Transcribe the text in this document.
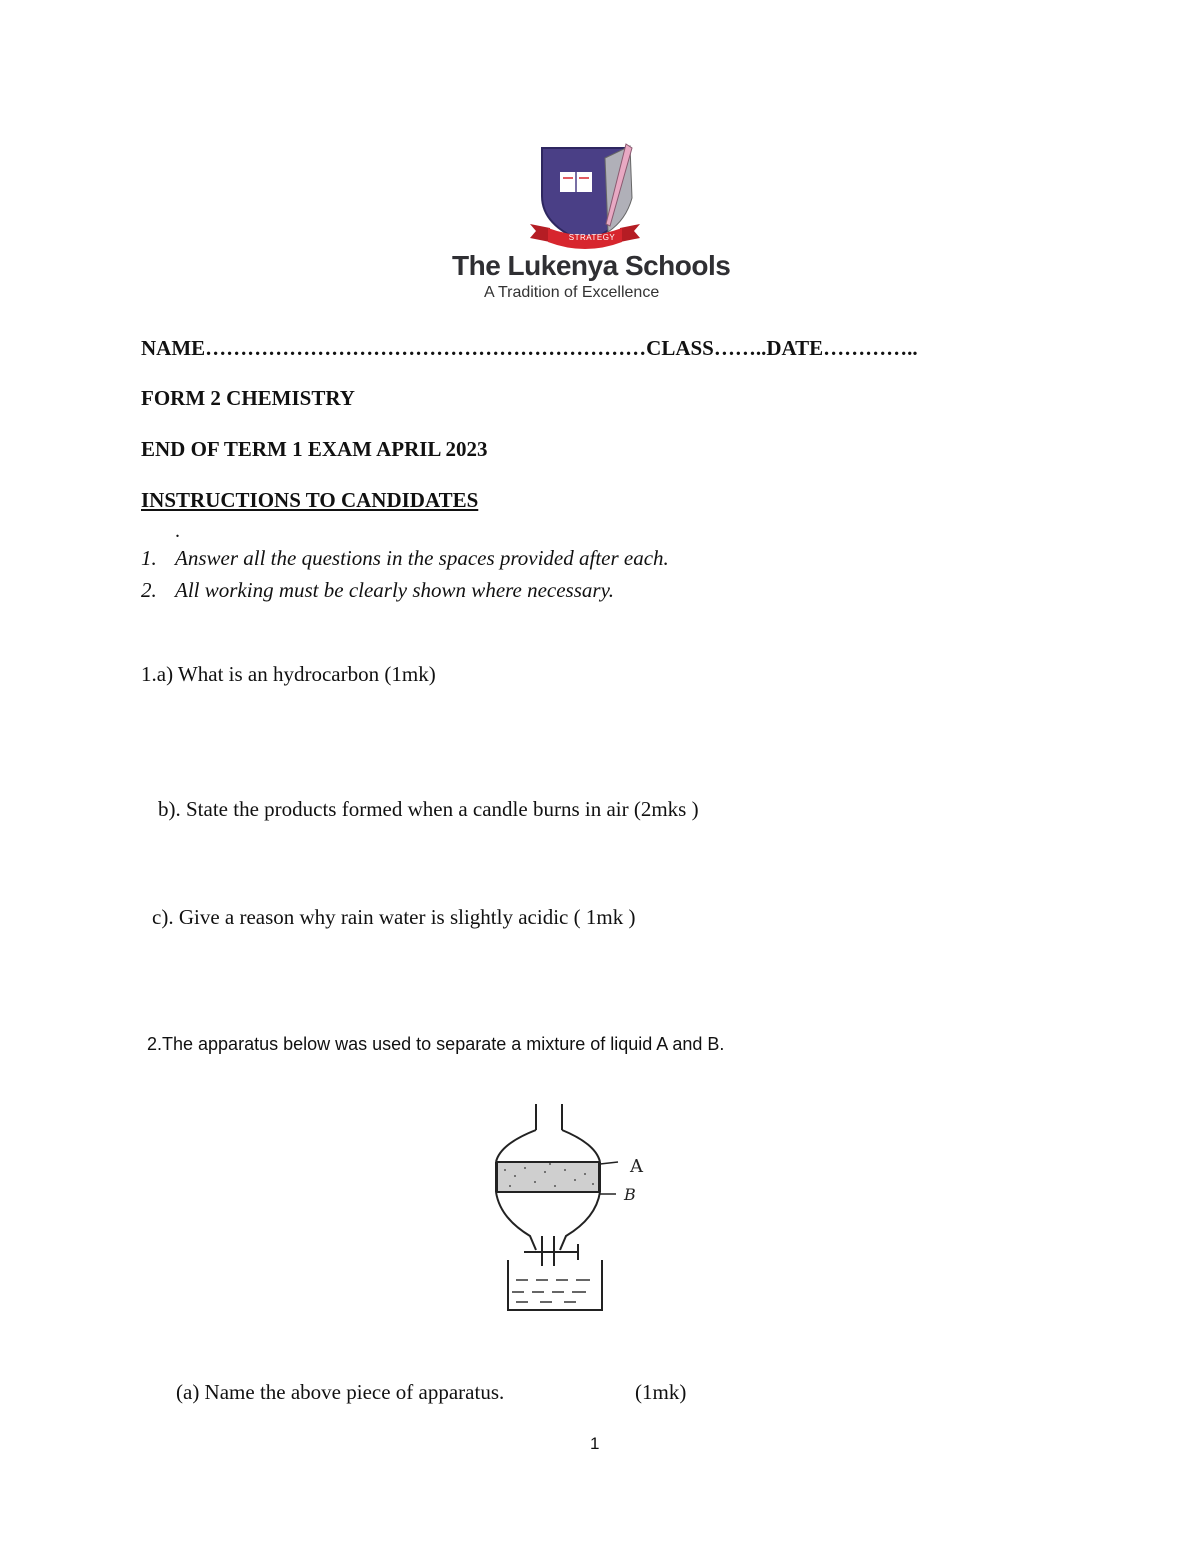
STRATEGY
The Lukenya Schools
A Tradition of Excellence
NAME………………………………………………………CLASS……..DATE…………..
FORM 2 CHEMISTRY
END OF TERM 1 EXAM APRIL 2023
INSTRUCTIONS TO CANDIDATES
.
1. Answer all the questions in the spaces provided after each.
2. All working must be clearly shown where necessary.
1.a) What is an hydrocarbon (1mk)
b). State the products formed when a candle burns in air (2mks )
c). Give a reason why rain water is slightly acidic ( 1mk )
2.The apparatus below was used to separate a mixture of liquid A and B.
A
B
(a) Name the above piece of apparatus.	(1mk)
1
